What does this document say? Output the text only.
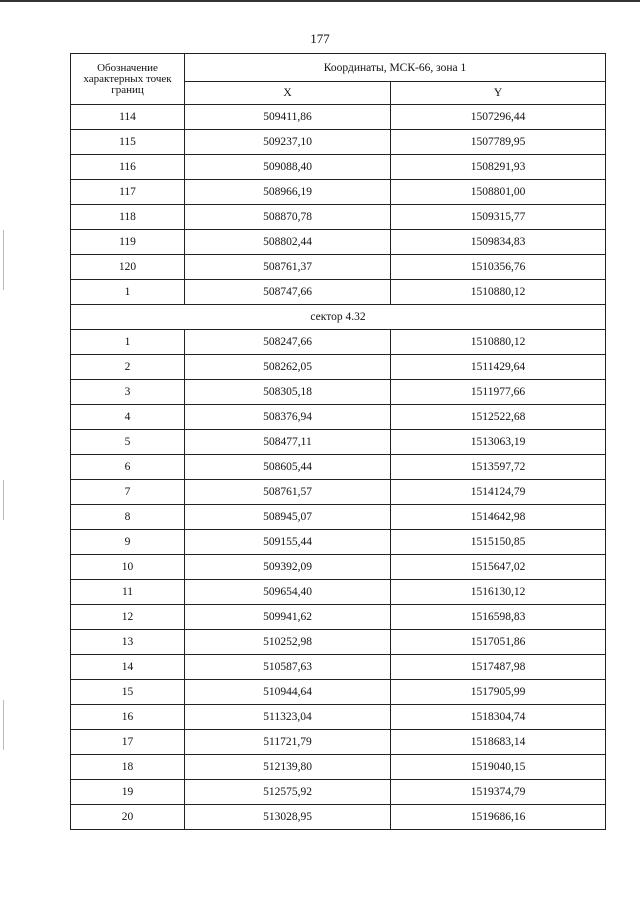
177
Обозначение характерных точек границ	Координаты, МСК-66, зона 1	
	X	Y
114	509411,86	1507296,44
115	509237,10	1507789,95
116	509088,40	1508291,93
117	508966,19	1508801,00
118	508870,78	1509315,77
119	508802,44	1509834,83
120	508761,37	1510356,76
1	508747,66	1510880,12
сектор 4.32		
1	508247,66	1510880,12
2	508262,05	1511429,64
3	508305,18	1511977,66
4	508376,94	1512522,68
5	508477,11	1513063,19
6	508605,44	1513597,72
7	508761,57	1514124,79
8	508945,07	1514642,98
9	509155,44	1515150,85
10	509392,09	1515647,02
11	509654,40	1516130,12
12	509941,62	1516598,83
13	510252,98	1517051,86
14	510587,63	1517487,98
15	510944,64	1517905,99
16	511323,04	1518304,74
17	511721,79	1518683,14
18	512139,80	1519040,15
19	512575,92	1519374,79
20	513028,95	1519686,16
